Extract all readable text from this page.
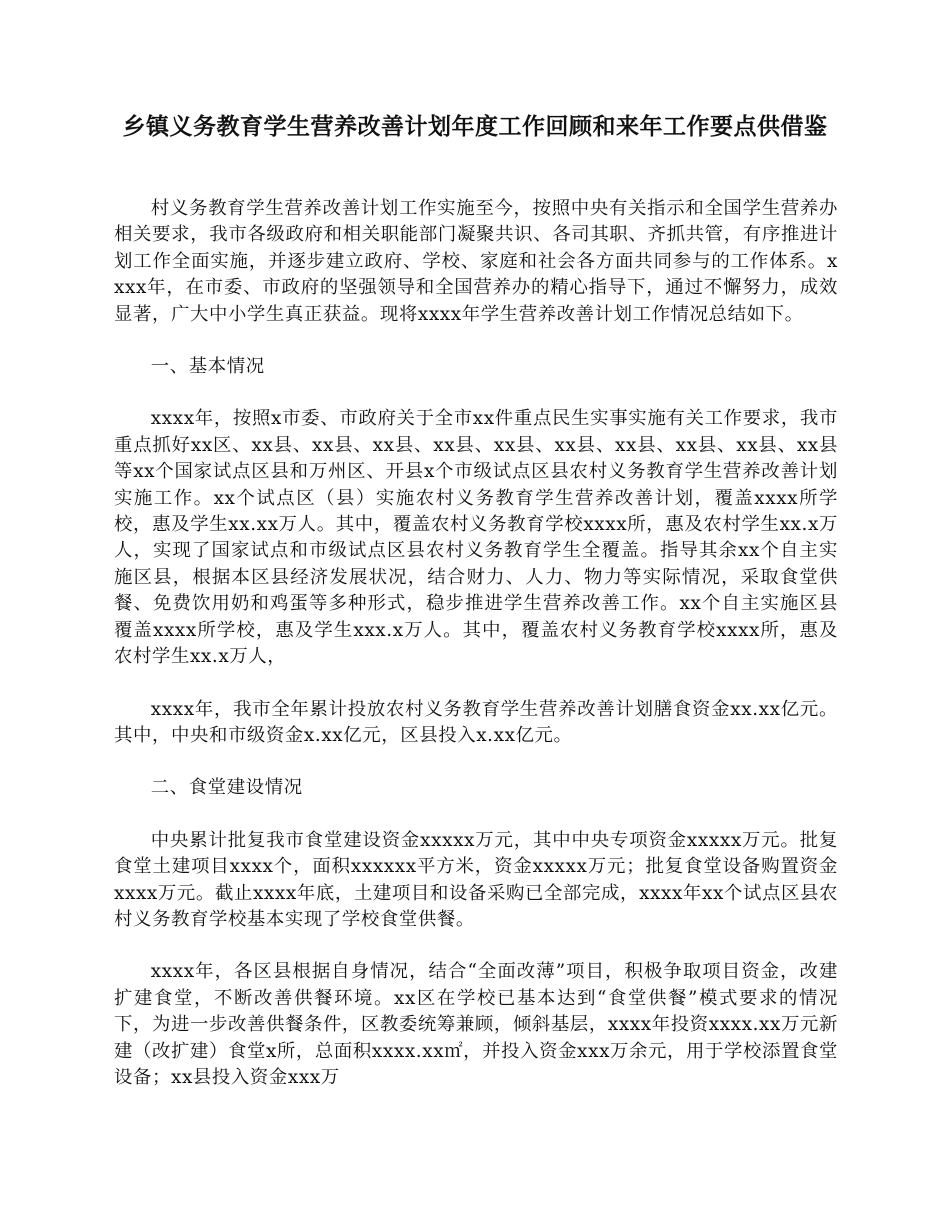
乡镇义务教育学生营养改善计划年度工作回顾和来年工作要点供借鉴

村义务教育学生营养改善计划工作实施至今，按照中央有关指示和全国学生营养办相关要求，我市各级政府和相关职能部门凝聚共识、各司其职、齐抓共管，有序推进计划工作全面实施，并逐步建立政府、学校、家庭和社会各方面共同参与的工作体系。xxxx年，在市委、市政府的坚强领导和全国营养办的精心指导下，通过不懈努力，成效显著，广大中小学生真正获益。现将xxxx年学生营养改善计划工作情况总结如下。

一、基本情况

xxxx年，按照x市委、市政府关于全市xx件重点民生实事实施有关工作要求，我市重点抓好xx区、xx县、xx县、xx县、xx县、xx县、xx县、xx县、xx县、xx县、xx县等xx个国家试点区县和万州区、开县x个市级试点区县农村义务教育学生营养改善计划实施工作。xx个试点区（县）实施农村义务教育学生营养改善计划，覆盖xxxx所学校，惠及学生xx.xx万人。其中，覆盖农村义务教育学校xxxx所，惠及农村学生xx.x万人，实现了国家试点和市级试点区县农村义务教育学生全覆盖。指导其余xx个自主实施区县，根据本区县经济发展状况，结合财力、人力、物力等实际情况，采取食堂供餐、免费饮用奶和鸡蛋等多种形式，稳步推进学生营养改善工作。xx个自主实施区县覆盖xxxx所学校，惠及学生xxx.x万人。其中，覆盖农村义务教育学校xxxx所，惠及农村学生xx.x万人，

xxxx年，我市全年累计投放农村义务教育学生营养改善计划膳食资金xx.xx亿元。其中，中央和市级资金x.xx亿元，区县投入x.xx亿元。

二、食堂建设情况

中央累计批复我市食堂建设资金xxxxx万元，其中中央专项资金xxxxx万元。批复食堂土建项目xxxx个，面积xxxxxx平方米，资金xxxxx万元；批复食堂设备购置资金xxxx万元。截止xxxx年底，土建项目和设备采购已全部完成，xxxx年xx个试点区县农村义务教育学校基本实现了学校食堂供餐。

xxxx年，各区县根据自身情况，结合“全面改薄”项目，积极争取项目资金，改建扩建食堂，不断改善供餐环境。xx区在学校已基本达到“食堂供餐”模式要求的情况下，为进一步改善供餐条件，区教委统筹兼顾，倾斜基层，xxxx年投资xxxx.xx万元新建（改扩建）食堂x所，总面积xxxx.xx㎡，并投入资金xxx万余元，用于学校添置食堂设备；xx县投入资金xxx万
